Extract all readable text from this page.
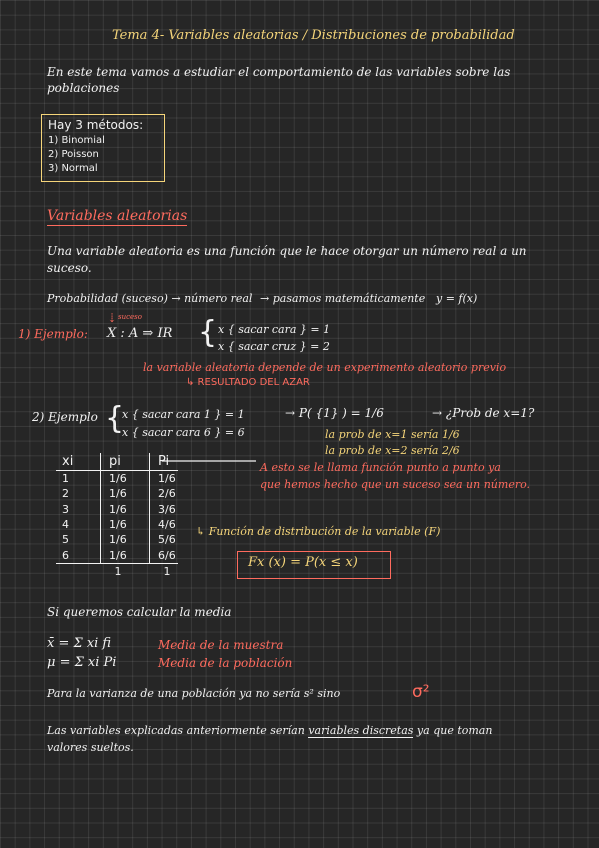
Tema 4- Variables aleatorias / Distribuciones de probabilidad
En este tema vamos a estudiar el comportamiento de las variables sobre las
poblaciones
Hay 3 métodos:
1) Binomial
2) Poisson
3) Normal
Variables aleatorias
Una variable aleatoria es una función que le hace otorgar un número real a un
suceso.
Probabilidad (suceso) → número real → pasamos matemáticamente y = f(x)
suceso
⇣
1) Ejemplo: X : A ⇒ IR { x { sacar cara } = 1
x { sacar cruz } = 2
la variable aleatoria depende de un experimento aleatorio previo
↳ RESULTADO DEL AZAR
2) Ejemplo {
x { sacar cara 1 } = 1
x { sacar cara 6 } = 6
→ P( {1} ) = 1/6	→ ¿Prob de x=1?
la prob de x=1 sería 1/6
la prob de x=2 sería 2/6
xi	pi	Pi
1	1/6	1/6
2	1/6	2/6
3	1/6	3/6
4	1/6	4/6
5	1/6	5/6
6	1/6	6/6
	1	1
A esto se le llama función punto a punto ya
que hemos hecho que un suceso sea un número.
↳ Función de distribución de la variable (F)
Fx (x) = P(x ≤ x)
Si queremos calcular la media
x̄ = Σ xi fi	Media de la muestra
μ = Σ xi Pi	Media de la población
Para la varianza de una población ya no sería s² sino	σ²
Las variables explicadas anteriormente serían variables discretas ya que toman
valores sueltos.
